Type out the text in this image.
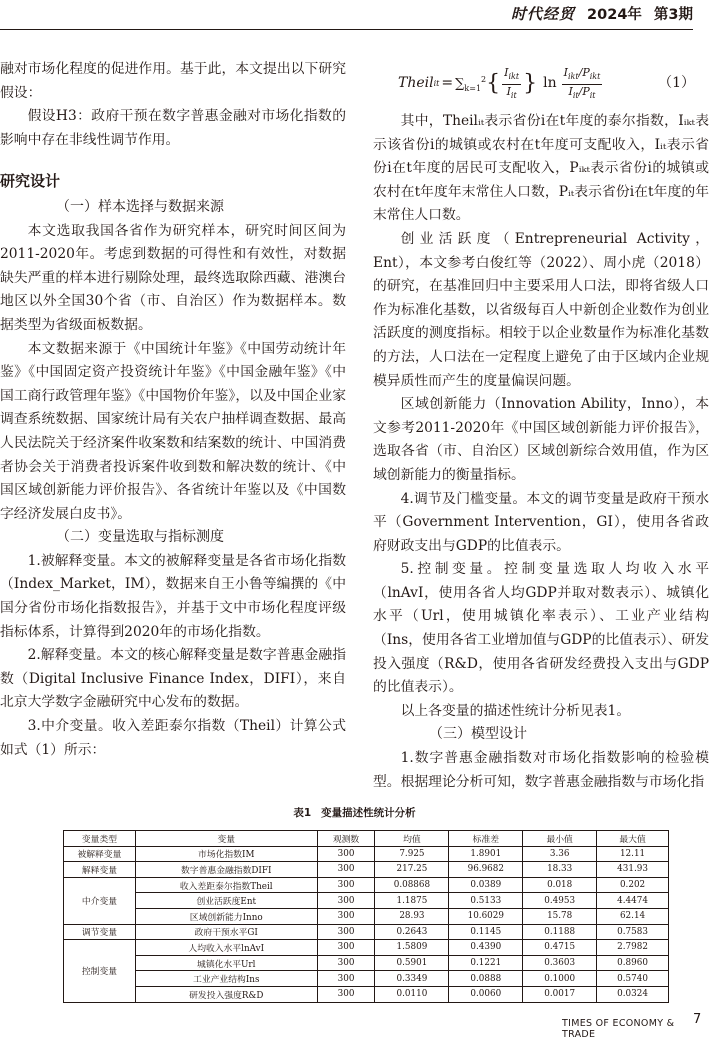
时代经贸 2024年 第3期

融对市场化程度的促进作用。基于此，本文提出以下研究假设：

假设H3：政府干预在数字普惠金融对市场化指数的影响中存在非线性调节作用。

研究设计

（一）样本选择与数据来源

本文选取我国各省作为研究样本，研究时间区间为2011-2020年。考虑到数据的可得性和有效性，对数据缺失严重的样本进行剔除处理，最终选取除西藏、港澳台地区以外全国30个省（市、自治区）作为数据样本。数据类型为省级面板数据。

本文数据来源于《中国统计年鉴》《中国劳动统计年鉴》《中国固定资产投资统计年鉴》《中国金融年鉴》《中国工商行政管理年鉴》《中国物价年鉴》，以及中国企业家调查系统数据、国家统计局有关农户抽样调查数据、最高人民法院关于经济案件收案数和结案数的统计、中国消费者协会关于消费者投诉案件收到数和解决数的统计、《中国区域创新能力评价报告》、各省统计年鉴以及《中国数字经济发展白皮书》。

（二）变量选取与指标测度

1.被解释变量。本文的被解释变量是各省市场化指数（Index_Market，IM），数据来自王小鲁等编撰的《中国分省份市场化指数报告》，并基于文中市场化程度评级指标体系，计算得到2020年的市场化指数。

2.解释变量。本文的核心解释变量是数字普惠金融指数（Digital Inclusive Finance Index，DIFI），来自北京大学数字金融研究中心发布的数据。

3.中介变量。收入差距泰尔指数（Theil）计算公式如式（1）所示：

Theil it = $\sum_{k=1}^2$ { $\frac{I_{ikt}}{I_{it}}$ } $\ln \frac{I_{ikt}/P_{ikt}}{I_{it}/P_{it}}$	（1）

其中，Theilᵢₜ表示省份i在t年度的泰尔指数，Iᵢₖₜ表示该省份i的城镇或农村在t年度可支配收入，Iᵢₜ表示省份i在t年度的居民可支配收入，Pᵢₖₜ表示省份i的城镇或农村在t年度年末常住人口数，Pᵢₜ表示省份i在t年度的年末常住人口数。

创业活跃度（Entrepreneurial Activity，Ent），本文参考白俊红等（2022）、周小虎（2018）的研究，在基准回归中主要采用人口法，即将省级人口作为标准化基数，以省级每百人中新创企业数作为创业活跃度的测度指标。相较于以企业数量作为标准化基数的方法，人口法在一定程度上避免了由于区域内企业规模异质性而产生的度量偏误问题。

区域创新能力（Innovation Ability，Inno），本文参考2011-2020年《中国区域创新能力评价报告》，选取各省（市、自治区）区域创新综合效用值，作为区域创新能力的衡量指标。

4.调节及门槛变量。本文的调节变量是政府干预水平（Government Intervention，GI），使用各省政府财政支出与GDP的比值表示。

5.控制变量。控制变量选取人均收入水平（lnAvI，使用各省人均GDP并取对数表示）、城镇化水平（Url，使用城镇化率表示）、工业产业结构（Ins，使用各省工业增加值与GDP的比值表示）、研发投入强度（R&D，使用各省研发经费投入支出与GDP的比值表示）。

以上各变量的描述性统计分析见表1。

（三）模型设计

1.数字普惠金融指数对市场化指数影响的检验模型。根据理论分析可知，数字普惠金融指数与市场化指

表1 变量描述性统计分析
变量类型	变量	观测数	均值	标准差	最小值	最大值
被解释变量	市场化指数IM	300	7.925	1.8901	3.36	12.11
解释变量	数字普惠金融指数DIFI	300	217.25	96.9682	18.33	431.93
中介变量	收入差距泰尔指数Theil	300	0.08868	0.0389	0.018	0.202
	创业活跃度Ent	300	1.1875	0.5133	0.4953	4.4474
	区域创新能力Inno	300	28.93	10.6029	15.78	62.14
调节变量	政府干预水平GI	300	0.2643	0.1145	0.1188	0.7583
控制变量	人均收入水平lnAvI	300	1.5809	0.4390	0.4715	2.7982
	城镇化水平Url	300	0.5901	0.1221	0.3603	0.8960
	工业产业结构Ins	300	0.3349	0.0888	0.1000	0.5740
	研发投入强度R&D	300	0.0110	0.0060	0.0017	0.0324
TIMES OF ECONOMY & TRADE
7
